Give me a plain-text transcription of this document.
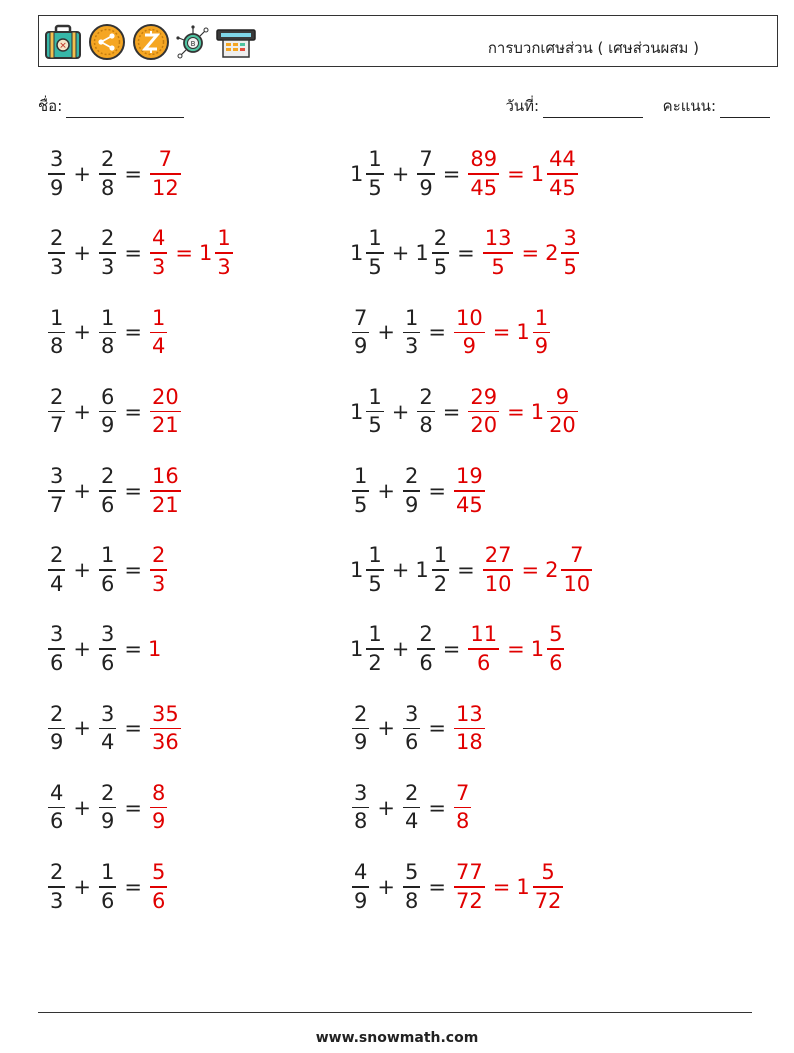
✕	B	การบวกเศษส่วน ( เศษส่วนผสม )
ชื่อ:	วันที่:	คะแนน:
$\frac{3}{9} + \frac{2}{8} = \frac{7}{12}$	$1 \frac{1}{5} + \frac{7}{9} = \frac{89}{45} = 1 \frac{44}{45}$
$\frac{2}{3} + \frac{2}{3} = \frac{4}{3} = 1 \frac{1}{3}$	$1 \frac{1}{5} + 1 \frac{2}{5} = \frac{13}{5} = 2 \frac{3}{5}$
$\frac{1}{8} + \frac{1}{8} = \frac{1}{4}$	$\frac{7}{9} + \frac{1}{3} = \frac{10}{9} = 1 \frac{1}{9}$
$\frac{2}{7} + \frac{6}{9} = \frac{20}{21}$	$1 \frac{1}{5} + \frac{2}{8} = \frac{29}{20} = 1 \frac{9}{20}$
$\frac{3}{7} + \frac{2}{6} = \frac{16}{21}$	$\frac{1}{5} + \frac{2}{9} = \frac{19}{45}$
$\frac{2}{4} + \frac{1}{6} = \frac{2}{3}$	$1 \frac{1}{5} + 1 \frac{1}{2} = \frac{27}{10} = 2 \frac{7}{10}$
$\frac{3}{6} + \frac{3}{6} = 1$	$1 \frac{1}{2} + \frac{2}{6} = \frac{11}{6} = 1 \frac{5}{6}$
$\frac{2}{9} + \frac{3}{4} = \frac{35}{36}$	$\frac{2}{9} + \frac{3}{6} = \frac{13}{18}$
$\frac{4}{6} + \frac{2}{9} = \frac{8}{9}$	$\frac{3}{8} + \frac{2}{4} = \frac{7}{8}$
$\frac{2}{3} + \frac{1}{6} = \frac{5}{6}$	$\frac{4}{9} + \frac{5}{8} = \frac{77}{72} = 1 \frac{5}{72}$
www.snowmath.com
